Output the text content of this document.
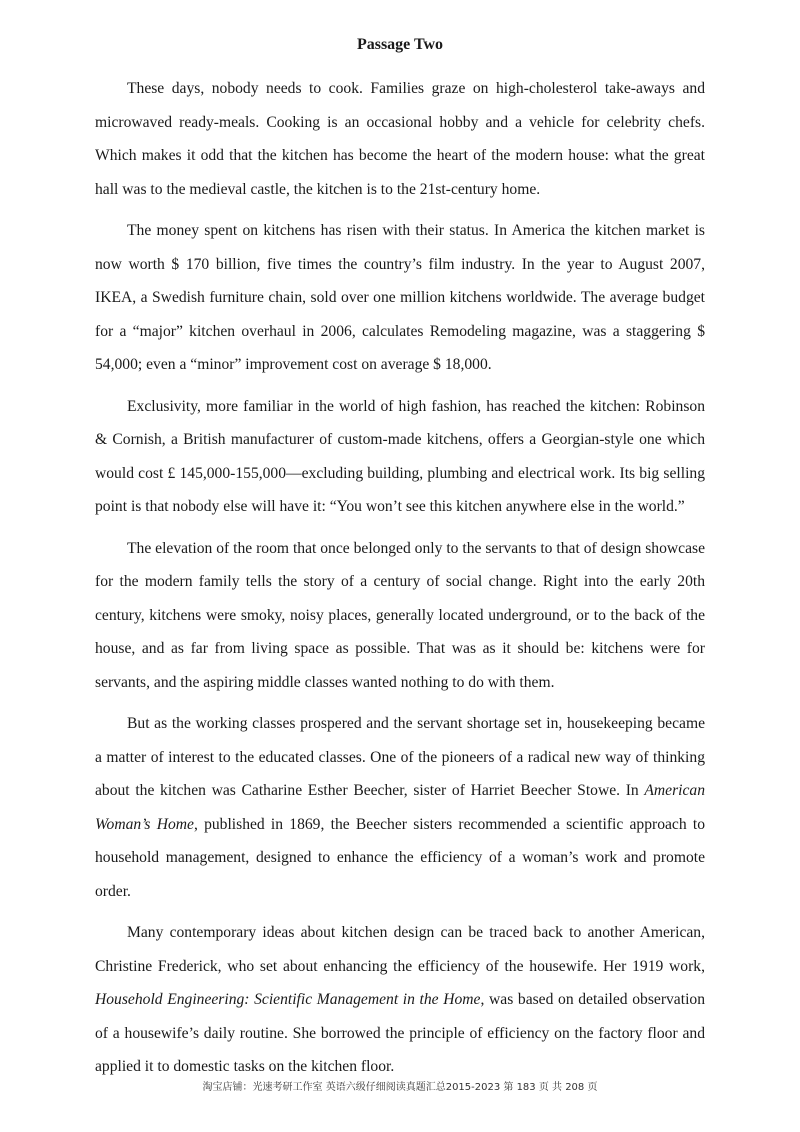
Passage Two

These days, nobody needs to cook. Families graze on high-cholesterol take-aways and microwaved ready-meals. Cooking is an occasional hobby and a vehicle for celebrity chefs. Which makes it odd that the kitchen has become the heart of the modern house: what the great hall was to the medieval castle, the kitchen is to the 21st-century home.

The money spent on kitchens has risen with their status. In America the kitchen market is now worth $ 170 billion, five times the country’s film industry. In the year to August 2007, IKEA, a Swedish furniture chain, sold over one million kitchens worldwide. The average budget for a “major” kitchen overhaul in 2006, calculates Remodeling magazine, was a staggering $ 54,000; even a “minor” improvement cost on average $ 18,000.

Exclusivity, more familiar in the world of high fashion, has reached the kitchen: Robinson & Cornish, a British manufacturer of custom-made kitchens, offers a Georgian-style one which would cost £ 145,000-155,000—excluding building, plumbing and electrical work. Its big selling point is that nobody else will have it: “You won’t see this kitchen anywhere else in the world.”

The elevation of the room that once belonged only to the servants to that of design showcase for the modern family tells the story of a century of social change. Right into the early 20th century, kitchens were smoky, noisy places, generally located underground, or to the back of the house, and as far from living space as possible. That was as it should be: kitchens were for servants, and the aspiring middle classes wanted nothing to do with them.

But as the working classes prospered and the servant shortage set in, housekeeping became a matter of interest to the educated classes. One of the pioneers of a radical new way of thinking about the kitchen was Catharine Esther Beecher, sister of Harriet Beecher Stowe. In American Woman’s Home, published in 1869, the Beecher sisters recommended a scientific approach to household management, designed to enhance the efficiency of a woman’s work and promote order.

Many contemporary ideas about kitchen design can be traced back to another American, Christine Frederick, who set about enhancing the efficiency of the housewife. Her 1919 work, Household Engineering: Scientific Management in the Home, was based on detailed observation of a housewife’s daily routine. She borrowed the principle of efficiency on the factory floor and applied it to domestic tasks on the kitchen floor.

淘宝店铺：光速考研工作室 英语六级仔细阅读真题汇总2015-2023 第 183 页 共 208 页
